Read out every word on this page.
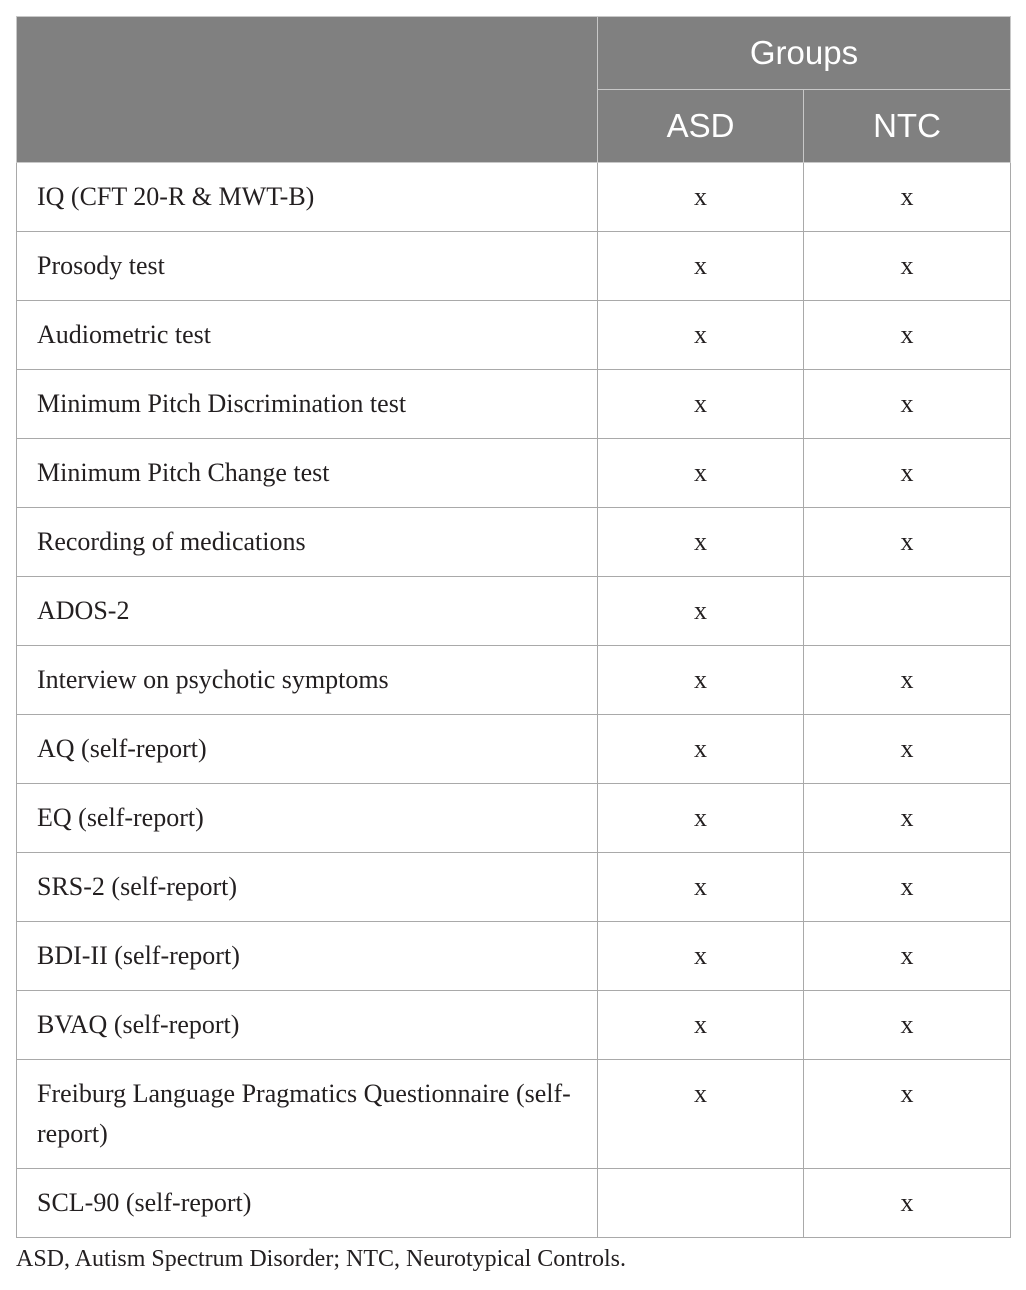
	Groups	
	ASD	NTC
IQ (CFT 20-R & MWT-B)	x	x
Prosody test	x	x
Audiometric test	x	x
Minimum Pitch Discrimination test	x	x
Minimum Pitch Change test	x	x
Recording of medications	x	x
ADOS-2	x	
Interview on psychotic symptoms	x	x
AQ (self-report)	x	x
EQ (self-report)	x	x
SRS-2 (self-report)	x	x
BDI-II (self-report)	x	x
BVAQ (self-report)	x	x
Freiburg Language Pragmatics Questionnaire (self-report)	x	x
SCL-90 (self-report)		x
ASD, Autism Spectrum Disorder; NTC, Neurotypical Controls.
